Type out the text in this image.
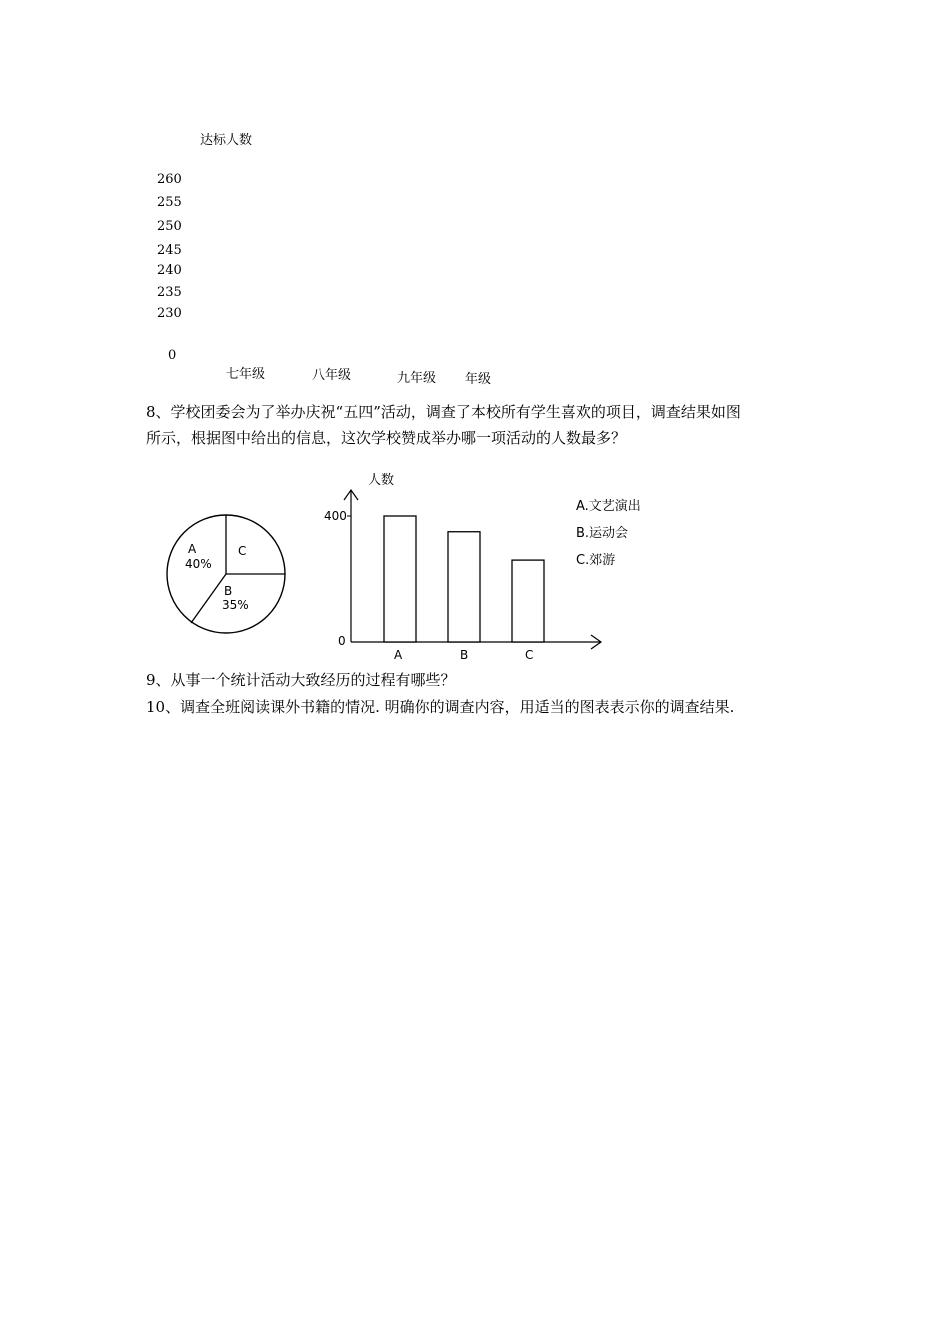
达标人数
260
255
250
245
240
235
230
0
七年级	八年级	九年级 年级
8、学校团委会为了举办庆祝“五四”活动，调查了本校所有学生喜欢的项目，调查结果如图
所示，根据图中给出的信息，这次学校赞成举办哪一项活动的人数最多？
A
40%
C
B
35%
人数
400
0
A	B	C
A.文艺演出
B.运动会
C.郊游
9、从事一个统计活动大致经历的过程有哪些？
10、调查全班阅读课外书籍的情况. 明确你的调查内容，用适当的图表表示你的调查结果.
